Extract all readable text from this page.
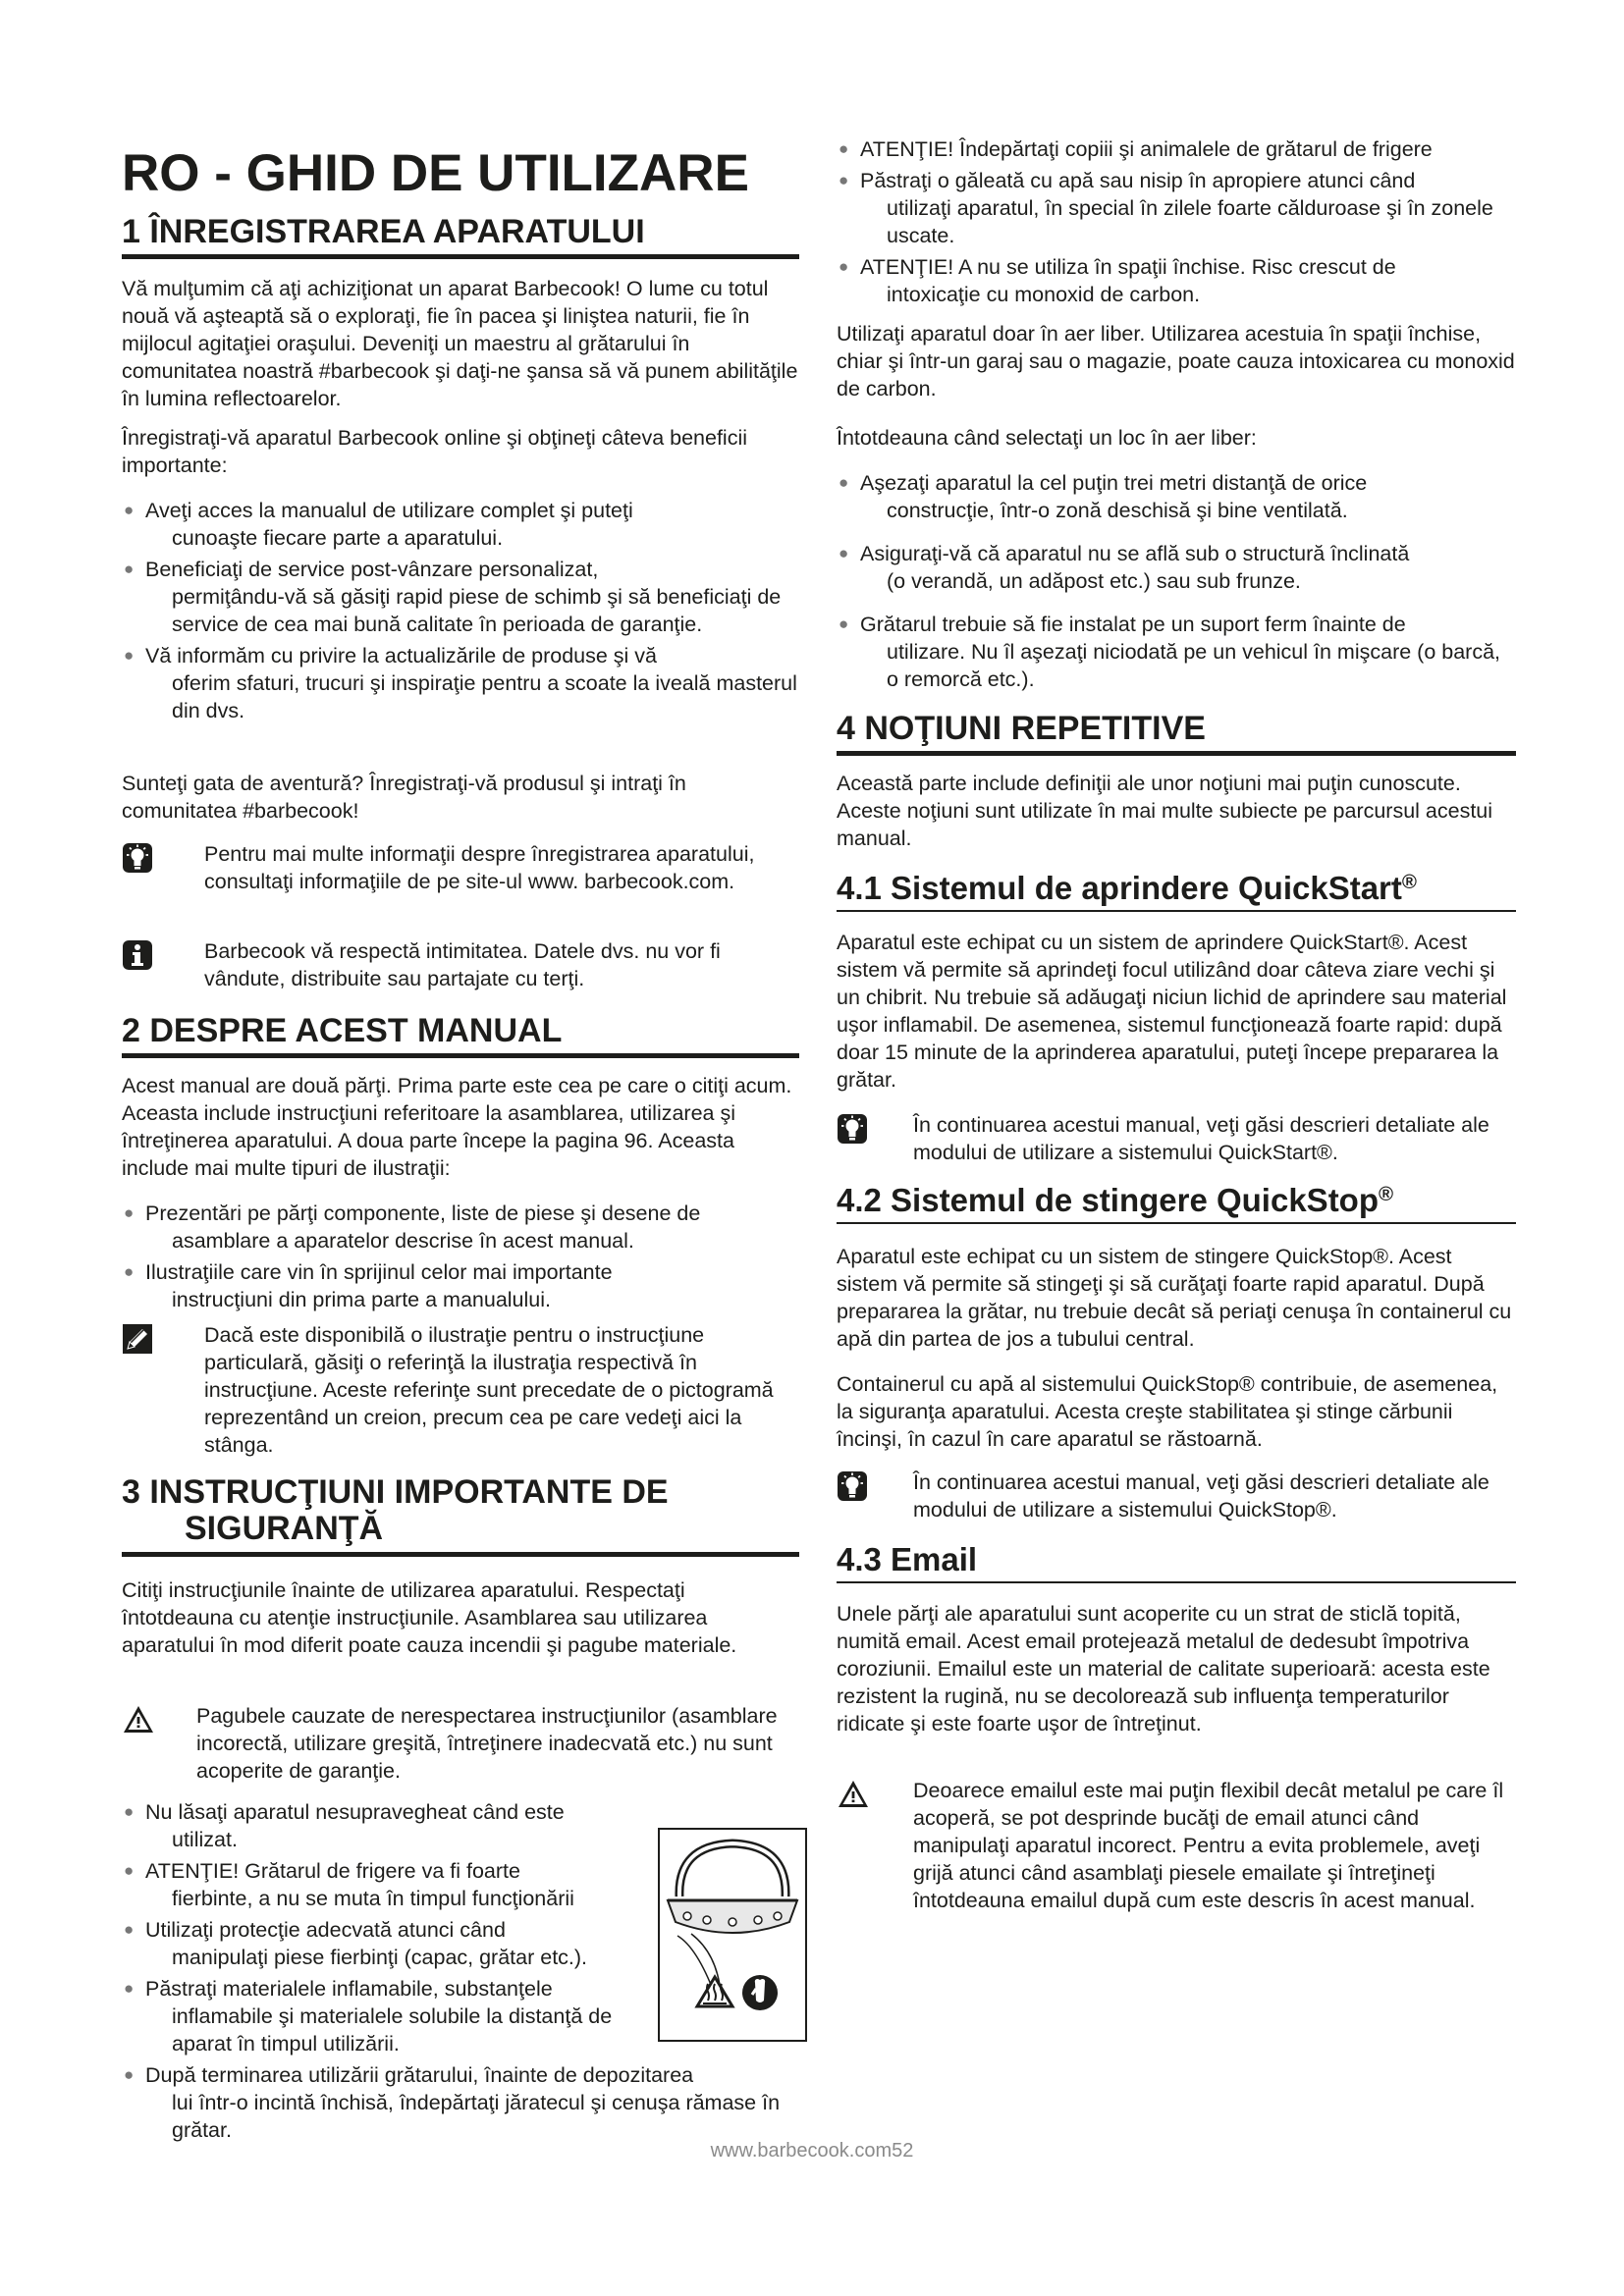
RO - GHID DE UTILIZARE
1 ÎNREGISTRAREA APARATULUI

Vă mulţumim că aţi achiziţionat un aparat Barbecook! O lume cu totul nouă vă aşteaptă să o exploraţi, fie în pacea şi liniştea naturii, fie în mijlocul agitaţiei oraşului. Deveniţi un maestru al grătarului în comunitatea noastră #barbecook şi daţi-ne şansa să vă punem abilităţile în lumina reflectoarelor.

Înregistraţi-vă aparatul Barbecook online şi obţineţi câteva beneficii importante:

● Aveţi acces la manualul de utilizare complet şi puteţi
cunoaşte fiecare parte a aparatului.
● Beneficiaţi de service post-vânzare personalizat,
permiţându-vă să găsiţi rapid piese de schimb şi să beneficiaţi de service de cea mai bună calitate în perioada de garanţie.
● Vă informăm cu privire la actualizările de produse şi vă
oferim sfaturi, trucuri şi inspiraţie pentru a scoate la iveală masterul din dvs.

Sunteţi gata de aventură? Înregistraţi-vă produsul şi intraţi în comunitatea #barbecook!

Pentru mai multe informaţii despre înregistrarea aparatului, consultaţi informaţiile de pe site-ul www. barbecook.com.

Barbecook vă respectă intimitatea. Datele dvs. nu vor fi vândute, distribuite sau partajate cu terţi.

2 DESPRE ACEST MANUAL

Acest manual are două părţi. Prima parte este cea pe care o citiţi acum. Aceasta include instrucţiuni referitoare la asamblarea, utilizarea şi întreţinerea aparatului. A doua parte începe la pagina 96. Aceasta include mai multe tipuri de ilustraţii:

● Prezentări pe părţi componente, liste de piese şi desene de
asamblare a aparatelor descrise în acest manual.
● Ilustraţiile care vin în sprijinul celor mai importante
instrucţiuni din prima parte a manualului.

Dacă este disponibilă o ilustraţie pentru o instrucţiune particulară, găsiţi o referinţă la ilustraţia respectivă în instrucţiune. Aceste referinţe sunt precedate de o pictogramă reprezentând un creion, precum cea pe care vedeţi aici la stânga.

3 INSTRUCŢIUNI IMPORTANTE DE
SIGURANŢĂ

Citiţi instrucţiunile înainte de utilizarea aparatului. Respectaţi întotdeauna cu atenţie instrucţiunile. Asamblarea sau utilizarea aparatului în mod diferit poate cauza incendii şi pagube materiale.

Pagubele cauzate de nerespectarea instrucţiunilor (asamblare incorectă, utilizare greşită, întreţinere inadecvată etc.) nu sunt acoperite de garanţie.

● Nu lăsaţi aparatul nesupravegheat când este
utilizat.
● ATENŢIE! Grătarul de frigere va fi foarte
fierbinte, a nu se muta în timpul funcţionării
● Utilizaţi protecţie adecvată atunci când
manipulaţi piese fierbinţi (capac, grătar etc.).
● Păstraţi materialele inflamabile, substanţele
inflamabile şi materialele solubile la distanţă de aparat în timpul utilizării.
● După terminarea utilizării grătarului, înainte de depozitarea
lui într-o incintă închisă, îndepărtaţi jăratecul şi cenuşa rămase în grătar.
● ATENŢIE! Îndepărtaţi copiii şi animalele de grătarul de frigere
● Păstraţi o găleată cu apă sau nisip în apropiere atunci când
utilizaţi aparatul, în special în zilele foarte călduroase şi în zonele uscate.
● ATENŢIE! A nu se utiliza în spaţii închise. Risc crescut de
intoxicaţie cu monoxid de carbon.

Utilizaţi aparatul doar în aer liber. Utilizarea acestuia în spaţii închise, chiar şi într-un garaj sau o magazie, poate cauza intoxicarea cu monoxid de carbon.

Întotdeauna când selectaţi un loc în aer liber:

● Aşezaţi aparatul la cel puţin trei metri distanţă de orice
construcţie, într-o zonă deschisă şi bine ventilată.
● Asiguraţi-vă că aparatul nu se află sub o structură înclinată
(o verandă, un adăpost etc.) sau sub frunze.
● Grătarul trebuie să fie instalat pe un suport ferm înainte de
utilizare. Nu îl aşezaţi niciodată pe un vehicul în mişcare (o barcă, o remorcă etc.).
4 NOŢIUNI REPETITIVE

Această parte include definiţii ale unor noţiuni mai puţin cunoscute. Aceste noţiuni sunt utilizate în mai multe subiecte pe parcursul acestui manual.

4.1 Sistemul de aprindere QuickStart®

Aparatul este echipat cu un sistem de aprindere QuickStart®. Acest sistem vă permite să aprindeţi focul utilizând doar câteva ziare vechi şi un chibrit. Nu trebuie să adăugaţi niciun lichid de aprindere sau material uşor inflamabil. De asemenea, sistemul funcţionează foarte rapid: după doar 15 minute de la aprinderea aparatului, puteţi începe prepararea la grătar.

În continuarea acestui manual, veţi găsi descrieri detaliate ale modului de utilizare a sistemului QuickStart®.

4.2 Sistemul de stingere QuickStop®

Aparatul este echipat cu un sistem de stingere QuickStop®. Acest sistem vă permite să stingeţi şi să curăţaţi foarte rapid aparatul. După prepararea la grătar, nu trebuie decât să periaţi cenuşa în containerul cu apă din partea de jos a tubului central.

Containerul cu apă al sistemului QuickStop® contribuie, de asemenea, la siguranţa aparatului. Acesta creşte stabilitatea şi stinge cărbunii încinşi, în cazul în care aparatul se răstoarnă.

În continuarea acestui manual, veţi găsi descrieri detaliate ale modului de utilizare a sistemului QuickStop®.

4.3 Email

Unele părţi ale aparatului sunt acoperite cu un strat de sticlă topită, numită email. Acest email protejează metalul de dedesubt împotriva coroziunii. Emailul este un material de calitate superioară: acesta este rezistent la rugină, nu se decolorează sub influenţa temperaturilor ridicate şi este foarte uşor de întreţinut.

Deoarece emailul este mai puţin flexibil decât metalul pe care îl acoperă, se pot desprinde bucăţi de email atunci când manipulaţi aparatul incorect. Pentru a evita problemele, aveţi grijă atunci când asamblaţi piesele emailate şi întreţineţi întotdeauna emailul după cum este descris în acest manual.

www.barbecook.com52
